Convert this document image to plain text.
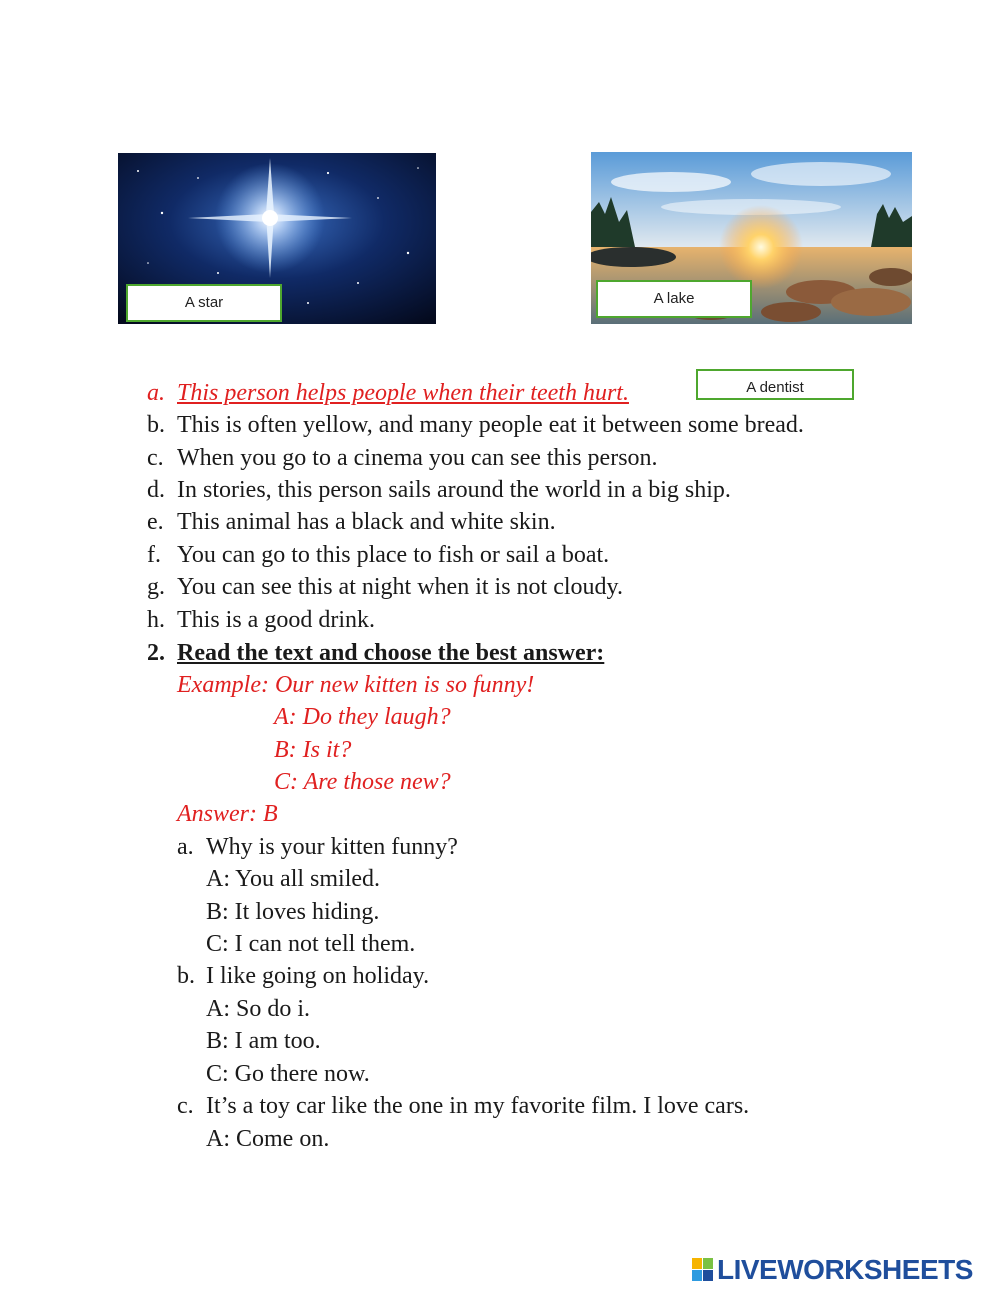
A star	A lake
A dentist
a. This person helps people when their teeth hurt.
b. This is often yellow, and many people eat it between some bread.
c. When you go to a cinema you can see this person.
d. In stories, this person sails around the world in a big ship.
e. This animal has a black and white skin.
f. You can go to this place to fish or sail a boat.
g. You can see this at night when it is not cloudy.
h. This is a good drink.
2. Read the text and choose the best answer:
Example: Our new kitten is so funny!
A: Do they laugh?
B: Is it?
C: Are those new?
Answer: B
a. Why is your kitten funny?
A: You all smiled.
B: It loves hiding.
C: I can not tell them.
b. I like going on holiday.
A: So do i.
B: I am too.
C: Go there now.
c. It’s a toy car like the one in my favorite film. I love cars.
A: Come on.
LIVEWORKSHEETS
